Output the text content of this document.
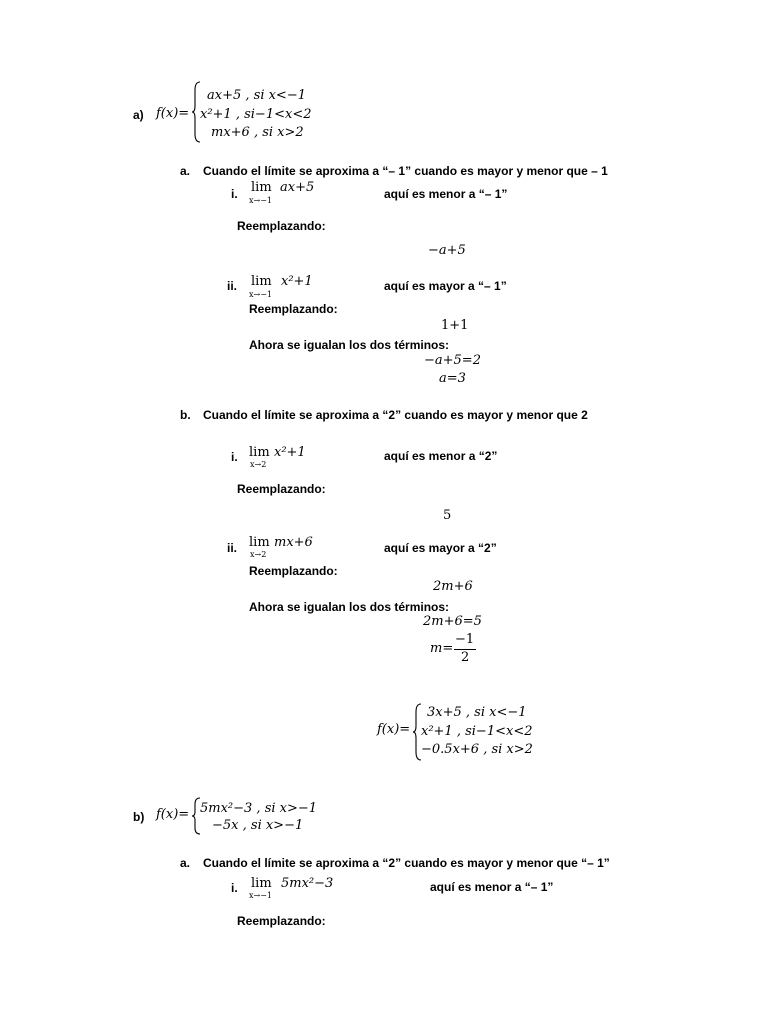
a) f(x)=
ax+5 , si x<−1
x²+1 , si−1<x<2
mx+6 , si x>2
a. Cuando el límite se aproxima a “– 1” cuando es mayor y menor que – 1
i. lim
x→−1
ax+5	aquí es menor a “– 1”
Reemplazando:
−a+5
ii. lim
x→−1
x²+1	aquí es mayor a “– 1”
Reemplazando:
1+1
Ahora se igualan los dos términos:
−a+5=2
a=3
b. Cuando el límite se aproxima a “2” cuando es mayor y menor que 2
i. lim
x→2
x²+1	aquí es menor a “2”
Reemplazando:
5
ii. lim
x→2
mx+6	aquí es mayor a “2”
Reemplazando:
2m+6
Ahora se igualan los dos términos:
2m+6=5
m=
−1
2
f(x)=
3x+5 , si x<−1
x²+1 , si−1<x<2
−0.5x+6 , si x>2
b) f(x)= 5mx²−3 , si x>−1
−5x , si x>−1
a. Cuando el límite se aproxima a “2” cuando es mayor y menor que “– 1”
i. lim
x→−1
5mx²−3	aquí es menor a “– 1”
Reemplazando:
